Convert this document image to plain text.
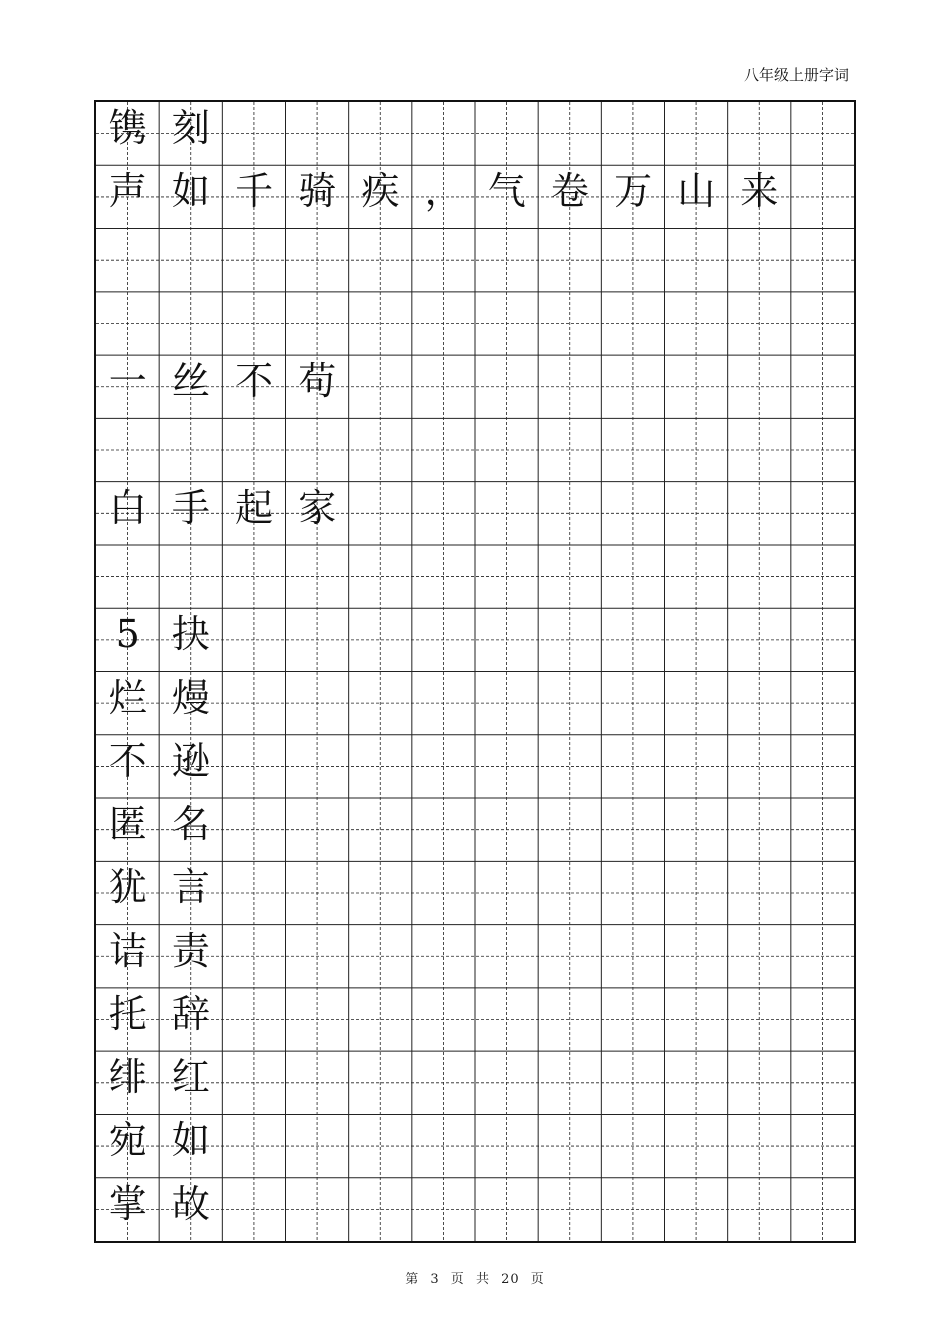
八年级上册字词
镌 刻
声 如 千 骑 疾 ， 气 卷 万 山 来
一 丝 不 苟
白 手 起 家
5 抉
烂 熳
不 逊
匿 名
犹 言
诘 责
托 辞
绯 红
宛 如
掌 故
第 3 页 共 20 页
